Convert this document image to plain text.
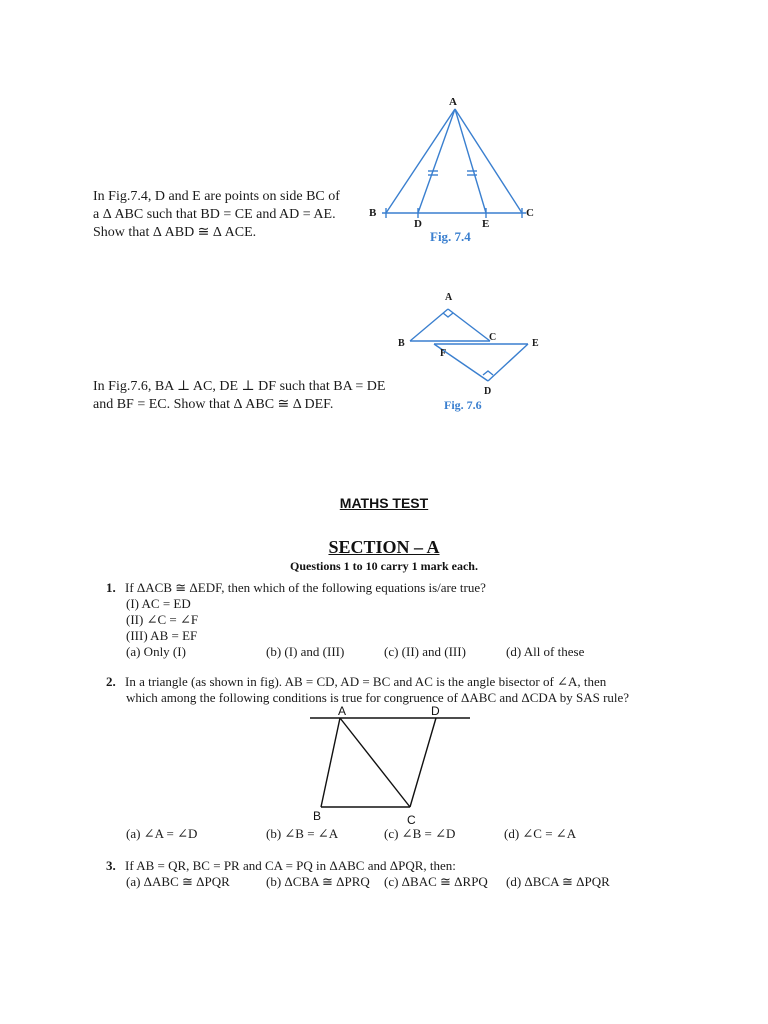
In Fig.7.4, D and E are points on side BC of
a Δ ABC such that BD = CE and AD = AE.
Show that Δ ABD ≅ Δ ACE.
A
B	C
D	E
Fig. 7.4
In Fig.7.6, BA ⊥ AC, DE ⊥ DF such that BA = DE
and BF = EC. Show that Δ ABC ≅ Δ DEF.
A
B
C
D
E
F
Fig. 7.6
MATHS TEST
SECTION – A
Questions 1 to 10 carry 1 mark each.
1. If ΔACB ≅ ΔEDF, then which of the following equations is/are true?
(I) AC = ED
(II) ∠C = ∠F
(III) AB = EF
(a) Only (I)	(b) (I) and (III)	(c) (II) and (III)	(d) All of these
2. In a triangle (as shown in fig). AB = CD, AD = BC and AC is the angle bisector of ∠A, then
which among the following conditions is true for congruence of ΔABC and ΔCDA by SAS rule?
A	D
B	C
(a) ∠A = ∠D	(b) ∠B = ∠A	(c) ∠B = ∠D	(d) ∠C = ∠A
3. If AB = QR, BC = PR and CA = PQ in ΔABC and ΔPQR, then:
(a) ΔABC ≅ ΔPQR	(b) ΔCBA ≅ ΔPRQ	(c) ΔBAC ≅ ΔRPQ	(d) ΔBCA ≅ ΔPQR
